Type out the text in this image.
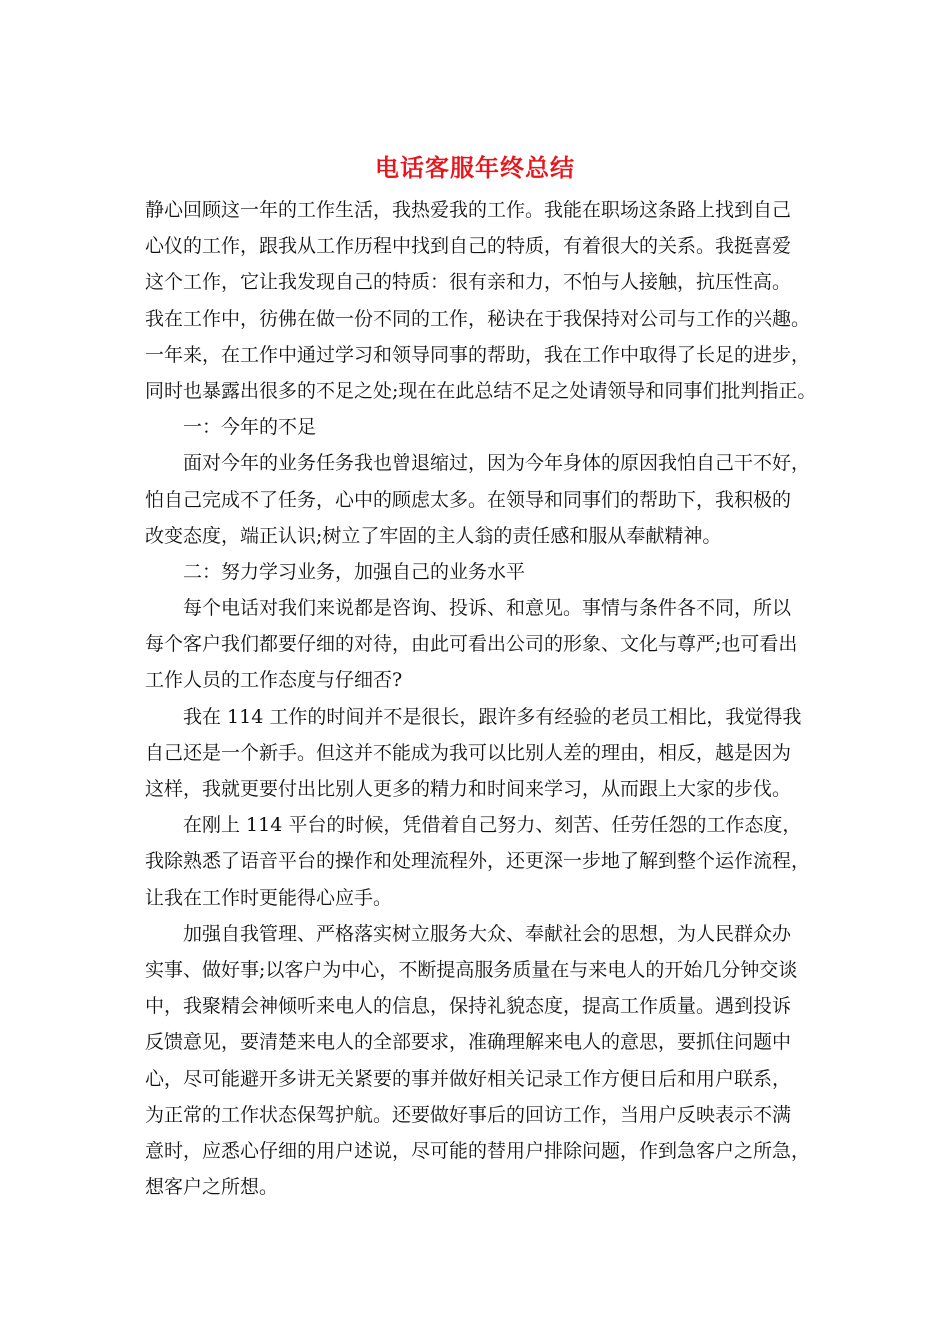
电话客服年终总结
静心回顾这一年的工作生活，我热爱我的工作。我能在职场这条路上找到自己
心仪的工作，跟我从工作历程中找到自己的特质，有着很大的关系。我挺喜爱
这个工作，它让我发现自己的特质：很有亲和力，不怕与人接触，抗压性高。
我在工作中，彷佛在做一份不同的工作，秘诀在于我保持对公司与工作的兴趣。
一年来，在工作中通过学习和领导同事的帮助，我在工作中取得了长足的进步，
同时也暴露出很多的不足之处;现在在此总结不足之处请领导和同事们批判指正。
一：今年的不足
面对今年的业务任务我也曾退缩过，因为今年身体的原因我怕自己干不好，
怕自己完成不了任务，心中的顾虑太多。在领导和同事们的帮助下，我积极的
改变态度，端正认识;树立了牢固的主人翁的责任感和服从奉献精神。
二：努力学习业务，加强自己的业务水平
每个电话对我们来说都是咨询、投诉、和意见。事情与条件各不同，所以
每个客户我们都要仔细的对待，由此可看出公司的形象、文化与尊严;也可看出
工作人员的工作态度与仔细否?
我在 114 工作的时间并不是很长，跟许多有经验的老员工相比，我觉得我
自己还是一个新手。但这并不能成为我可以比别人差的理由，相反，越是因为
这样，我就更要付出比别人更多的精力和时间来学习，从而跟上大家的步伐。
在刚上 114 平台的时候，凭借着自己努力、刻苦、任劳任怨的工作态度，
我除熟悉了语音平台的操作和处理流程外，还更深一步地了解到整个运作流程，
让我在工作时更能得心应手。
加强自我管理、严格落实树立服务大众、奉献社会的思想，为人民群众办
实事、做好事;以客户为中心，不断提高服务质量在与来电人的开始几分钟交谈
中，我聚精会神倾听来电人的信息，保持礼貌态度，提高工作质量。遇到投诉
反馈意见，要清楚来电人的全部要求，准确理解来电人的意思，要抓住问题中
心，尽可能避开多讲无关紧要的事并做好相关记录工作方便日后和用户联系，
为正常的工作状态保驾护航。还要做好事后的回访工作，当用户反映表示不满
意时，应悉心仔细的用户述说，尽可能的替用户排除问题，作到急客户之所急，
想客户之所想。
